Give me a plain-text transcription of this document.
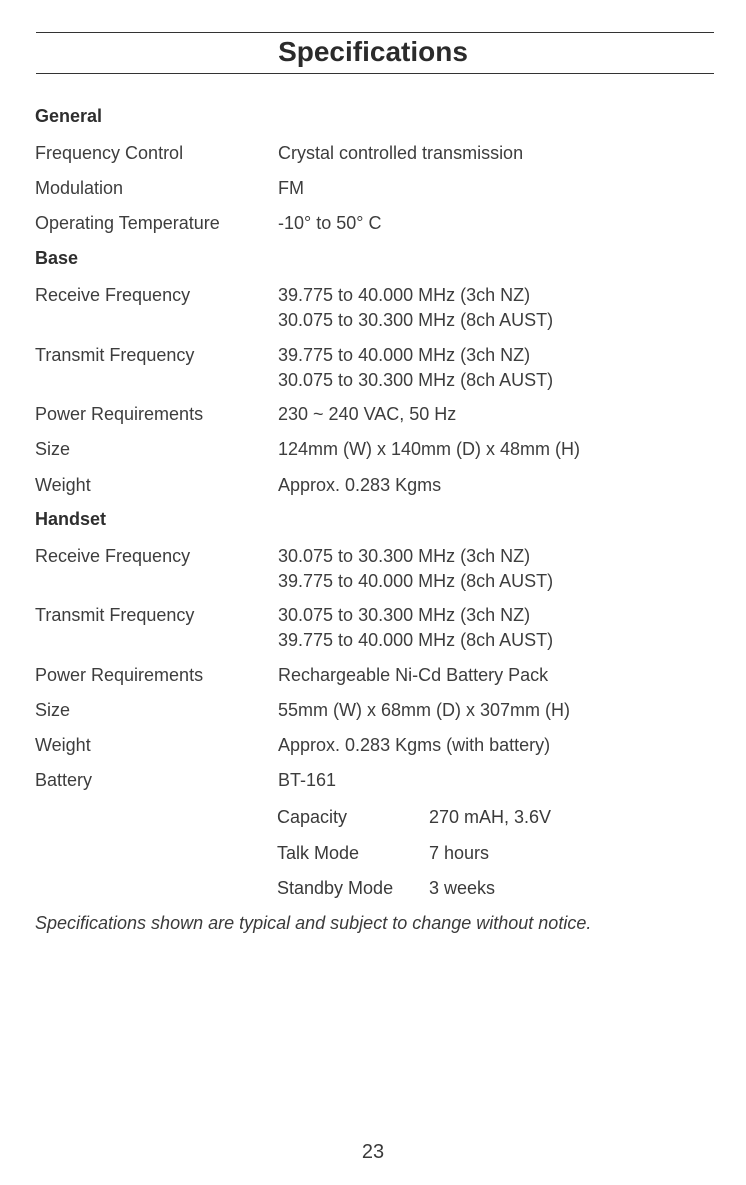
Specifications
General
Frequency Control	Crystal controlled transmission
Modulation	FM
Operating Temperature	-10° to 50° C
Base
Receive Frequency	39.775 to 40.000 MHz (3ch NZ)
30.075 to 30.300 MHz (8ch AUST)
Transmit Frequency	39.775 to 40.000 MHz (3ch NZ)
30.075 to 30.300 MHz (8ch AUST)
Power Requirements	230 ~ 240 VAC, 50 Hz
Size	124mm (W) x 140mm (D) x 48mm (H)
Weight	Approx. 0.283 Kgms
Handset
Receive Frequency	30.075 to 30.300 MHz (3ch NZ)
39.775 to 40.000 MHz (8ch AUST)
Transmit Frequency	30.075 to 30.300 MHz (3ch NZ)
39.775 to 40.000 MHz (8ch AUST)
Power Requirements	Rechargeable Ni-Cd Battery Pack
Size	55mm (W) x 68mm (D) x 307mm (H)
Weight	Approx. 0.283 Kgms (with battery)
Battery	BT-161
Capacity	270 mAH, 3.6V
Talk Mode	7 hours
Standby Mode 3 weeks
Specifications shown are typical and subject to change without notice.
23
